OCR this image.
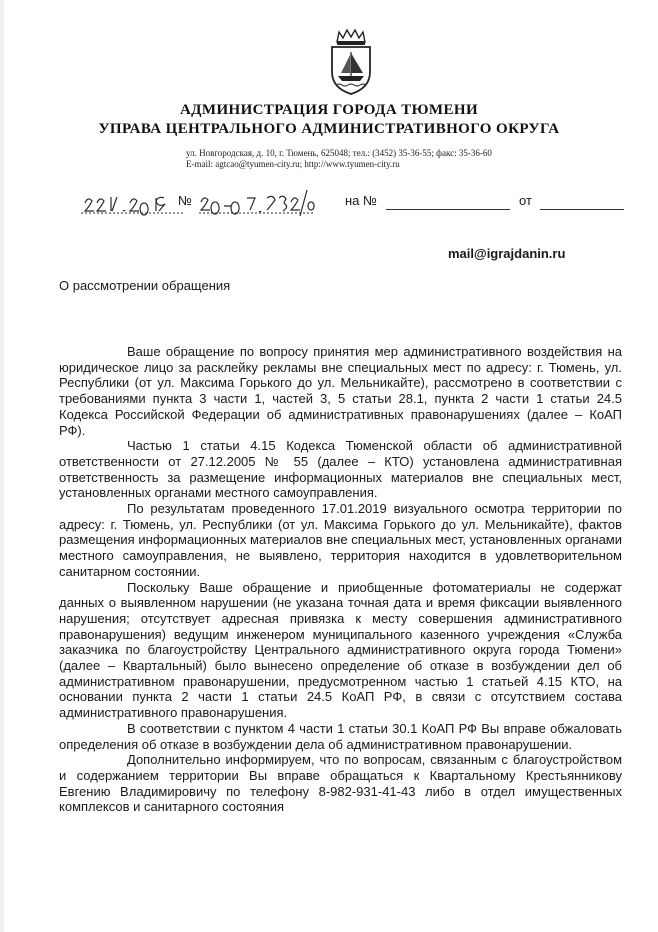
АДМИНИСТРАЦИЯ ГОРОДА ТЮМЕНИ
УПРАВА ЦЕНТРАЛЬНОГО АДМИНИСТРАТИВНОГО ОКРУГА
ул. Новгородская, д. 10, г. Тюмень, 625048; тел.: (3452) 35-36-55; факс: 35-36-60
E-mail: agtcao@tyumen-city.ru; http://www.tyumen-city.ru
№	на №	от
mail@igrajdanin.ru
О рассмотрении обращения

Ваше обращение по вопросу принятия мер административного воздействия на юридическое лицо за расклейку рекламы вне специальных мест по адресу: г. Тюмень, ул. Республики (от ул. Максима Горького до ул. Мельникайте), рассмотрено в соответствии с требованиями пункта 3 части 1, частей 3, 5 статьи 28.1, пункта 2 части 1 статьи 24.5 Кодекса Российской Федерации об административных правонарушениях (далее – КоАП РФ).

Частью 1 статьи 4.15 Кодекса Тюменской области об административной ответственности от 27.12.2005 № 55 (далее – КТО) установлена административная ответственность за размещение информационных материалов вне специальных мест, установленных органами местного самоуправления.

По результатам проведенного 17.01.2019 визуального осмотра территории по адресу: г. Тюмень, ул. Республики (от ул. Максима Горького до ул. Мельникайте), фактов размещения информационных материалов вне специальных мест, установленных органами местного самоуправления, не выявлено, территория находится в удовлетворительном санитарном состоянии.

Поскольку Ваше обращение и приобщенные фотоматериалы не содержат данных о выявленном нарушении (не указана точная дата и время фиксации выявленного нарушения; отсутствует адресная привязка к месту совершения административного правонарушения) ведущим инженером муниципального казенного учреждения «Служба заказчика по благоустройству Центрального административного округа города Тюмени» (далее – Квартальный) было вынесено определение об отказе в возбуждении дел об административном правонарушении, предусмотренном частью 1 статьей 4.15 КТО, на основании пункта 2 части 1 статьи 24.5 КоАП РФ, в связи с отсутствием состава административного правонарушения.

В соответствии с пунктом 4 части 1 статьи 30.1 КоАП РФ Вы вправе обжаловать определения об отказе в возбуждении дела об административном правонарушении.

Дополнительно информируем, что по вопросам, связанным с благоустройством и содержанием территории Вы вправе обращаться к Квартальному Крестьянникову Евгению Владимировичу по телефону 8-982-931-41-43 либо в отдел имущественных комплексов и санитарного состояния
